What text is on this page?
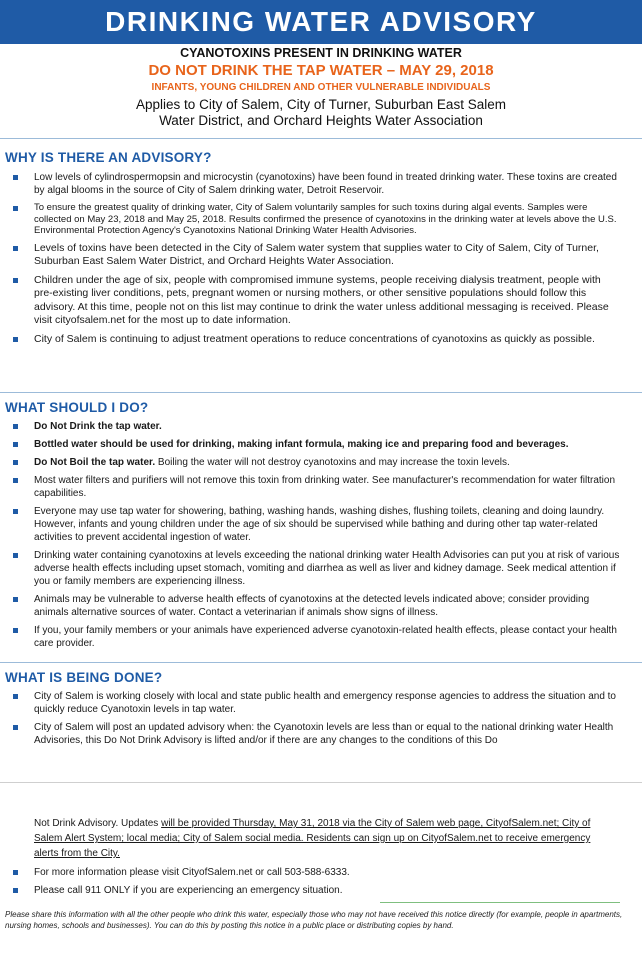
DRINKING WATER ADVISORY
CYANOTOXINS PRESENT IN DRINKING WATER
DO NOT DRINK THE TAP WATER – MAY 29, 2018
INFANTS, YOUNG CHILDREN AND OTHER VULNERABLE INDIVIDUALS
Applies to City of Salem, City of Turner, Suburban East Salem
Water District, and Orchard Heights Water Association
WHY IS THERE AN ADVISORY?
Low levels of cylindrospermopsin and microcystin (cyanotoxins) have been found in treated drinking water. These toxins are created by algal blooms in the source of City of Salem drinking water, Detroit Reservoir.
To ensure the greatest quality of drinking water, City of Salem voluntarily samples for such toxins during algal events. Samples were collected on May 23, 2018 and May 25, 2018. Results confirmed the presence of cyanotoxins in the drinking water at levels above the U.S. Environmental Protection Agency's Cyanotoxins National Drinking Water Health Advisories.
Levels of toxins have been detected in the City of Salem water system that supplies water to City of Salem, City of Turner, Suburban East Salem Water District, and Orchard Heights Water Association.
Children under the age of six, people with compromised immune systems, people receiving dialysis treatment, people with pre-existing liver conditions, pets, pregnant women or nursing mothers, or other sensitive populations should follow this advisory. At this time, people not on this list may continue to drink the water unless additional messaging is received. Please visit cityofsalem.net for the most up to date information.
City of Salem is continuing to adjust treatment operations to reduce concentrations of cyanotoxins as quickly as possible.
WHAT SHOULD I DO?
Do Not Drink the tap water.
Bottled water should be used for drinking, making infant formula, making ice and preparing food and beverages.
Do Not Boil the tap water. Boiling the water will not destroy cyanotoxins and may increase the toxin levels.
Most water filters and purifiers will not remove this toxin from drinking water. See manufacturer's recommendation for water filtration capabilities.
Everyone may use tap water for showering, bathing, washing hands, washing dishes, flushing toilets, cleaning and doing laundry. However, infants and young children under the age of six should be supervised while bathing and during other tap water-related activities to prevent accidental ingestion of water.
Drinking water containing cyanotoxins at levels exceeding the national drinking water Health Advisories can put you at risk of various adverse health effects including upset stomach, vomiting and diarrhea as well as liver and kidney damage. Seek medical attention if you or family members are experiencing illness.
Animals may be vulnerable to adverse health effects of cyanotoxins at the detected levels indicated above; consider providing animals alternative sources of water. Contact a veterinarian if animals show signs of illness.
If you, your family members or your animals have experienced adverse cyanotoxin-related health effects, please contact your health care provider.
WHAT IS BEING DONE?
City of Salem is working closely with local and state public health and emergency response agencies to address the situation and to quickly reduce Cyanotoxin levels in tap water.
City of Salem will post an updated advisory when: the Cyanotoxin levels are less than or equal to the national drinking water Health Advisories, this Do Not Drink Advisory is lifted and/or if there are any changes to the conditions of this Do
Not Drink Advisory. Updates will be provided Thursday, May 31, 2018 via the City of Salem web page, CityofSalem.net; City of Salem Alert System; local media; City of Salem social media. Residents can sign up on CityofSalem.net to receive emergency alerts from the City.
For more information please visit CityofSalem.net or call 503-588-6333.
Please call 911 ONLY if you are experiencing an emergency situation.
Please share this information with all the other people who drink this water, especially those who may not have received this notice directly (for example, people in apartments, nursing homes, schools and businesses). You can do this by posting this notice in a public place or distributing copies by hand.
